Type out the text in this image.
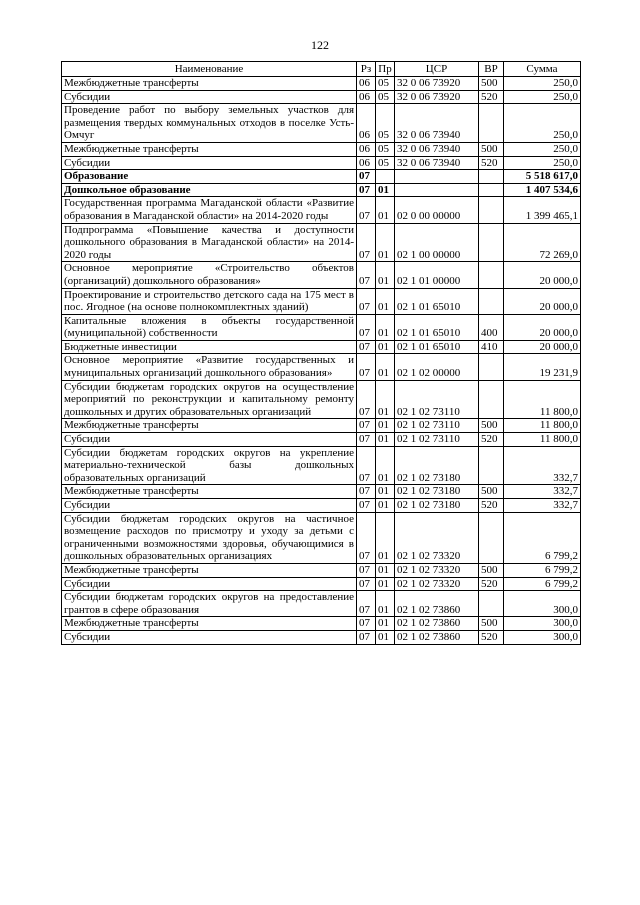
122
Наименование	Рз	Пр	ЦСР	ВР	Сумма
Межбюджетные трансферты	06	05	32 0 06 73920	500	250,0
Субсидии	06	05	32 0 06 73920	520	250,0
Проведение работ по выбору земельных участков для размещения твердых коммунальных отходов в поселке Усть-Омчуг	06	05	32 0 06 73940		250,0
Межбюджетные трансферты	06	05	32 0 06 73940	500	250,0
Субсидии	06	05	32 0 06 73940	520	250,0
Образование	07				5 518 617,0
Дошкольное образование	07	01			1 407 534,6
Государственная программа Магаданской области «Развитие образования в Магаданской области» на 2014-2020 годы	07	01	02 0 00 00000		1 399 465,1
Подпрограмма «Повышение качества и доступности дошкольного образования в Магаданской области» на 2014-2020 годы	07	01	02 1 00 00000		72 269,0
Основное мероприятие «Строительство объектов (организаций) дошкольного образования»	07	01	02 1 01 00000		20 000,0
Проектирование и строительство детского сада на 175 мест в пос. Ягодное (на основе полнокомплектных зданий)	07	01	02 1 01 65010		20 000,0
Капитальные вложения в объекты государственной (муниципальной) собственности	07	01	02 1 01 65010	400	20 000,0
Бюджетные инвестиции	07	01	02 1 01 65010	410	20 000,0
Основное мероприятие «Развитие государственных и муниципальных организаций дошкольного образования»	07	01	02 1 02 00000		19 231,9
Субсидии бюджетам городских округов на осуществление мероприятий по реконструкции и капитальному ремонту дошкольных и других образовательных организаций	07	01	02 1 02 73110		11 800,0
Межбюджетные трансферты	07	01	02 1 02 73110	500	11 800,0
Субсидии	07	01	02 1 02 73110	520	11 800,0
Субсидии бюджетам городских округов на укрепление материально-технической базы дошкольных образовательных организаций	07	01	02 1 02 73180		332,7
Межбюджетные трансферты	07	01	02 1 02 73180	500	332,7
Субсидии	07	01	02 1 02 73180	520	332,7
Субсидии бюджетам городских округов на частичное возмещение расходов по присмотру и уходу за детьми с ограниченными возможностями здоровья, обучающимися в дошкольных образовательных организациях	07	01	02 1 02 73320		6 799,2
Межбюджетные трансферты	07	01	02 1 02 73320	500	6 799,2
Субсидии	07	01	02 1 02 73320	520	6 799,2
Субсидии бюджетам городских округов на предоставление грантов в сфере образования	07	01	02 1 02 73860		300,0
Межбюджетные трансферты	07	01	02 1 02 73860	500	300,0
Субсидии	07	01	02 1 02 73860	520	300,0
